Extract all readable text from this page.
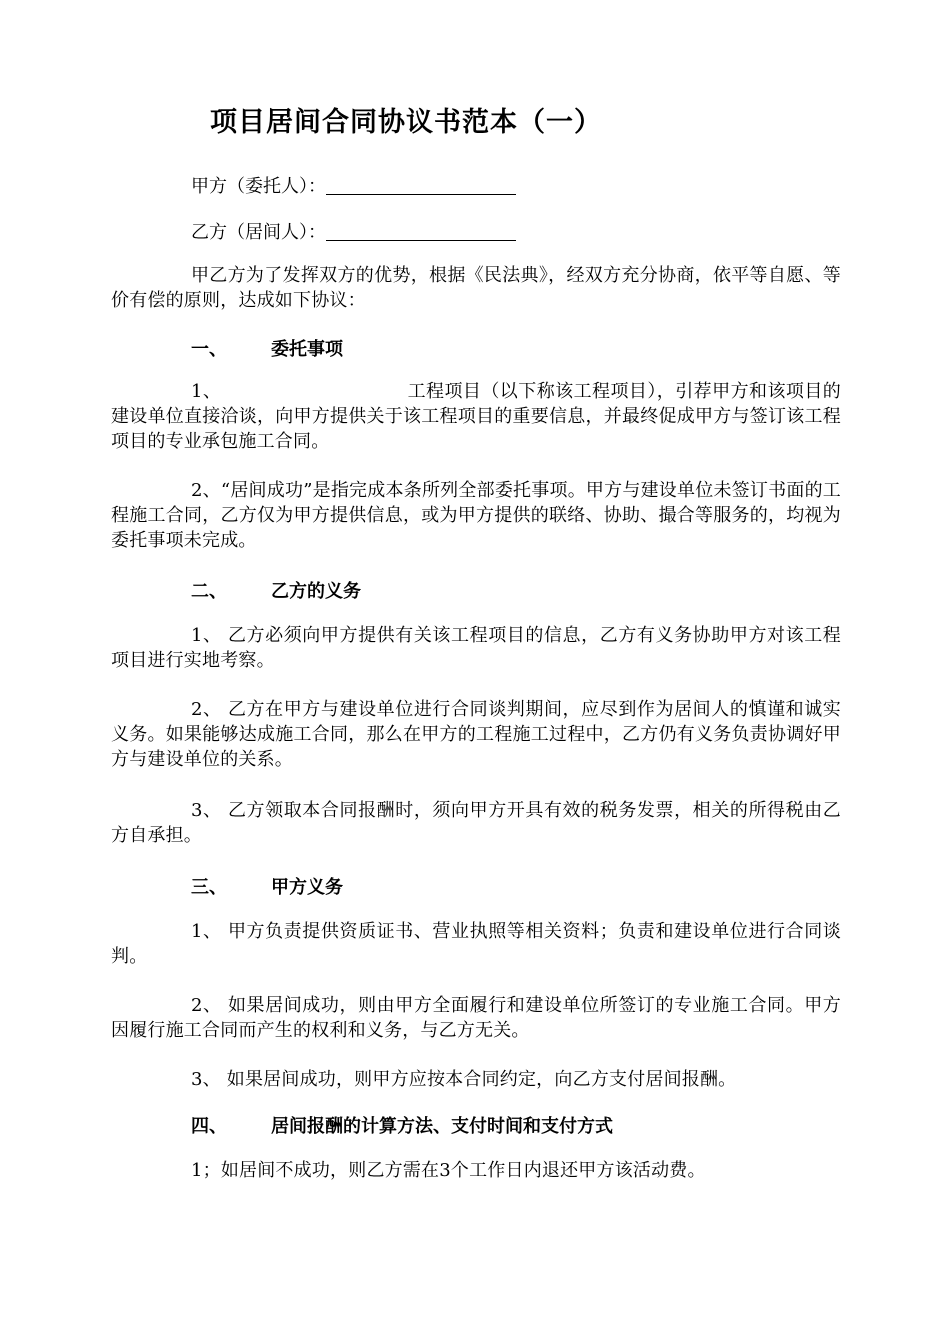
项目居间合同协议书范本（一）
甲方（委托人）：
乙方（居间人）：
甲乙方为了发挥双方的优势，根据《民法典》，经双方充分协商，依平等自愿、等价有偿的原则，达成如下协议：
一、 委托事项
1、	工程项目（以下称该工程项目），引荐甲方和该项目的建设单位直接洽谈，向甲方提供关于该工程项目的重要信息，并最终促成甲方与签订该工程项目的专业承包施工合同。
2、“居间成功”是指完成本条所列全部委托事项。甲方与建设单位未签订书面的工程施工合同，乙方仅为甲方提供信息，或为甲方提供的联络、协助、撮合等服务的，均视为委托事项未完成。
二、 乙方的义务
1、 乙方必须向甲方提供有关该工程项目的信息，乙方有义务协助甲方对该工程项目进行实地考察。
2、 乙方在甲方与建设单位进行合同谈判期间，应尽到作为居间人的慎谨和诚实义务。如果能够达成施工合同，那么在甲方的工程施工过程中，乙方仍有义务负责协调好甲方与建设单位的关系。
3、 乙方领取本合同报酬时，须向甲方开具有效的税务发票，相关的所得税由乙方自承担。
三、 甲方义务
1、 甲方负责提供资质证书、营业执照等相关资料；负责和建设单位进行合同谈判。
2、 如果居间成功，则由甲方全面履行和建设单位所签订的专业施工合同。甲方因履行施工合同而产生的权利和义务，与乙方无关。
3、 如果居间成功，则甲方应按本合同约定，向乙方支付居间报酬。
四、 居间报酬的计算方法、支付时间和支付方式
1；如居间不成功，则乙方需在3个工作日内退还甲方该活动费。
